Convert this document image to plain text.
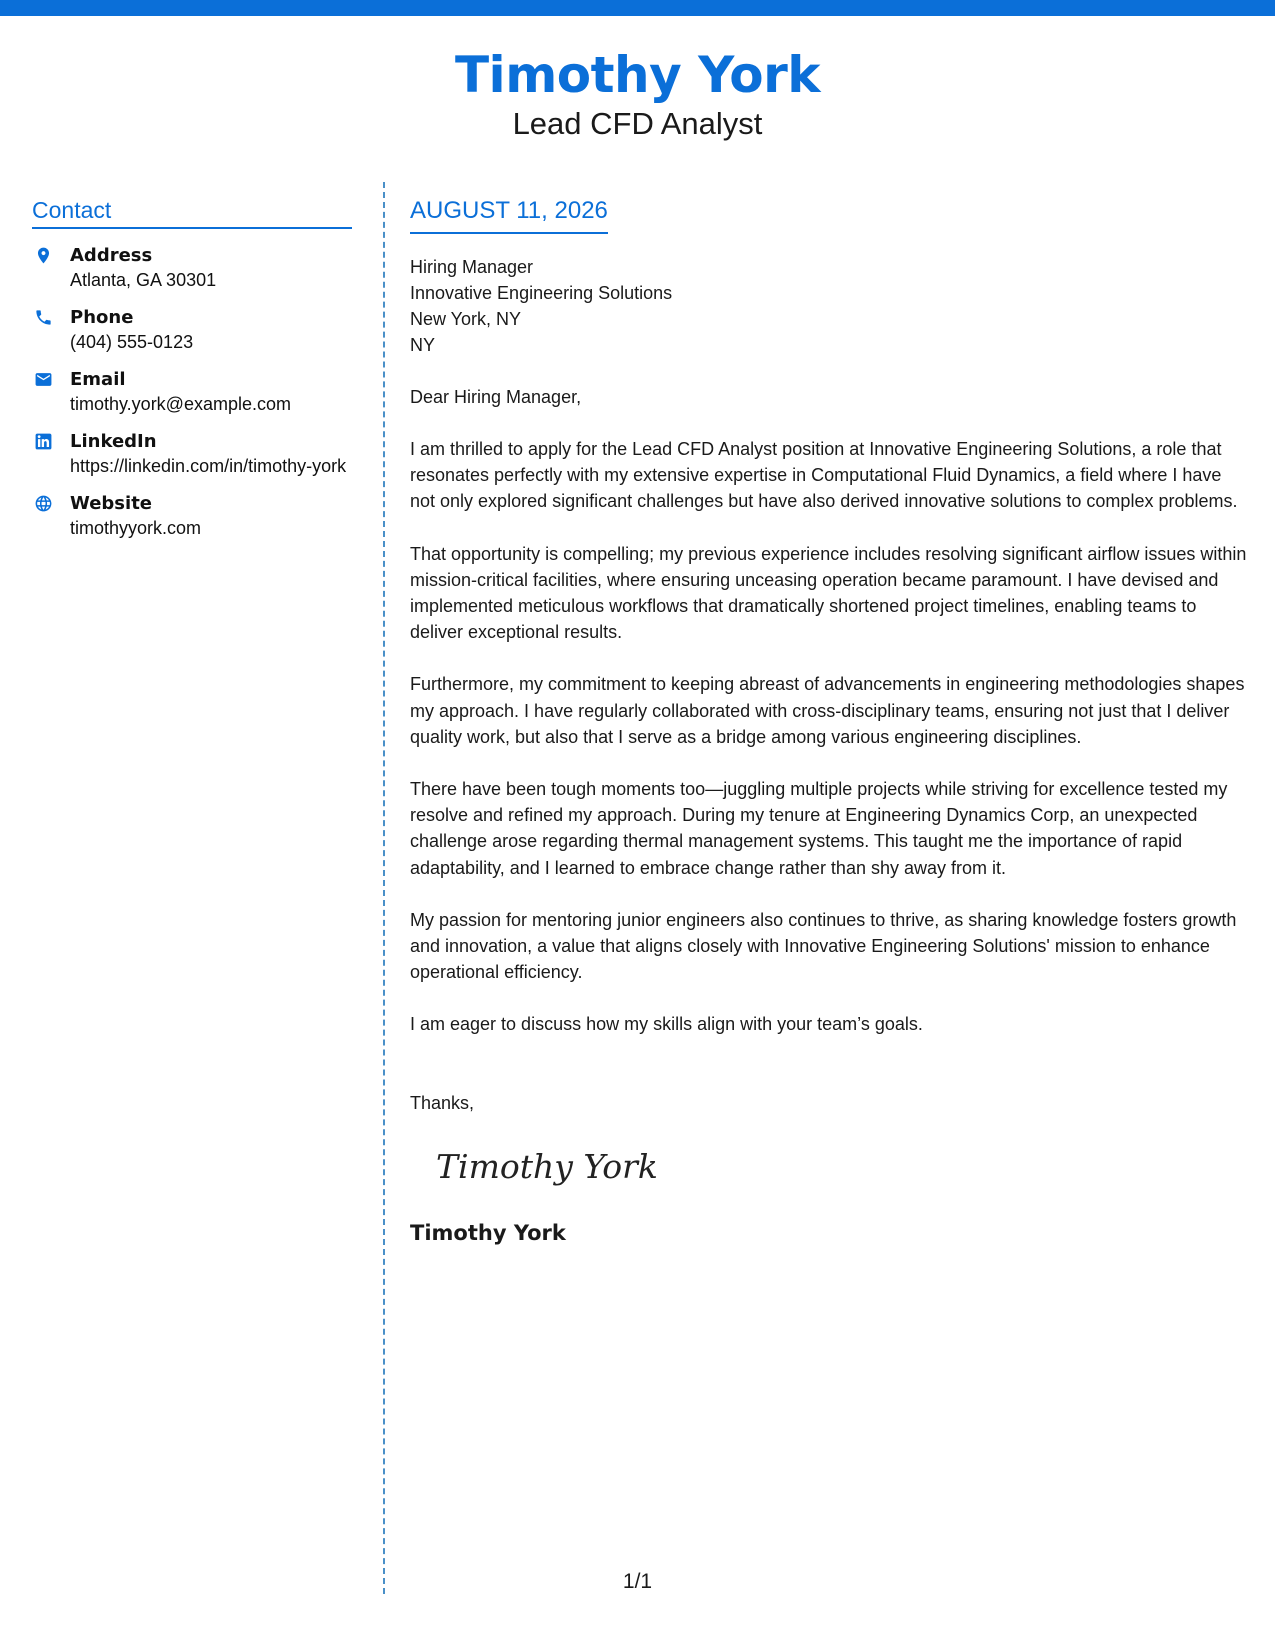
Timothy York
Lead CFD Analyst
Contact
Address
Atlanta, GA 30301
Phone
(404) 555-0123
Email
timothy.york@example.com
LinkedIn
https://linkedin.com/in/timothy-york
Website
timothyyork.com
AUGUST 11, 2026
Hiring Manager
Innovative Engineering Solutions
New York, NY
NY
Dear Hiring Manager,
I am thrilled to apply for the Lead CFD Analyst position at Innovative Engineering Solutions, a role that resonates perfectly with my extensive expertise in Computational Fluid Dynamics, a field where I have not only explored significant challenges but have also derived innovative solutions to complex problems.
That opportunity is compelling; my previous experience includes resolving significant airflow issues within mission-critical facilities, where ensuring unceasing operation became paramount. I have devised and implemented meticulous workflows that dramatically shortened project timelines, enabling teams to deliver exceptional results.
Furthermore, my commitment to keeping abreast of advancements in engineering methodologies shapes my approach. I have regularly collaborated with cross-disciplinary teams, ensuring not just that I deliver quality work, but also that I serve as a bridge among various engineering disciplines.
There have been tough moments too—juggling multiple projects while striving for excellence tested my resolve and refined my approach. During my tenure at Engineering Dynamics Corp, an unexpected challenge arose regarding thermal management systems. This taught me the importance of rapid adaptability, and I learned to embrace change rather than shy away from it.
My passion for mentoring junior engineers also continues to thrive, as sharing knowledge fosters growth and innovation, a value that aligns closely with Innovative Engineering Solutions' mission to enhance operational efficiency.
I am eager to discuss how my skills align with your team’s goals.
Thanks,
Timothy York
Timothy York
1/1
